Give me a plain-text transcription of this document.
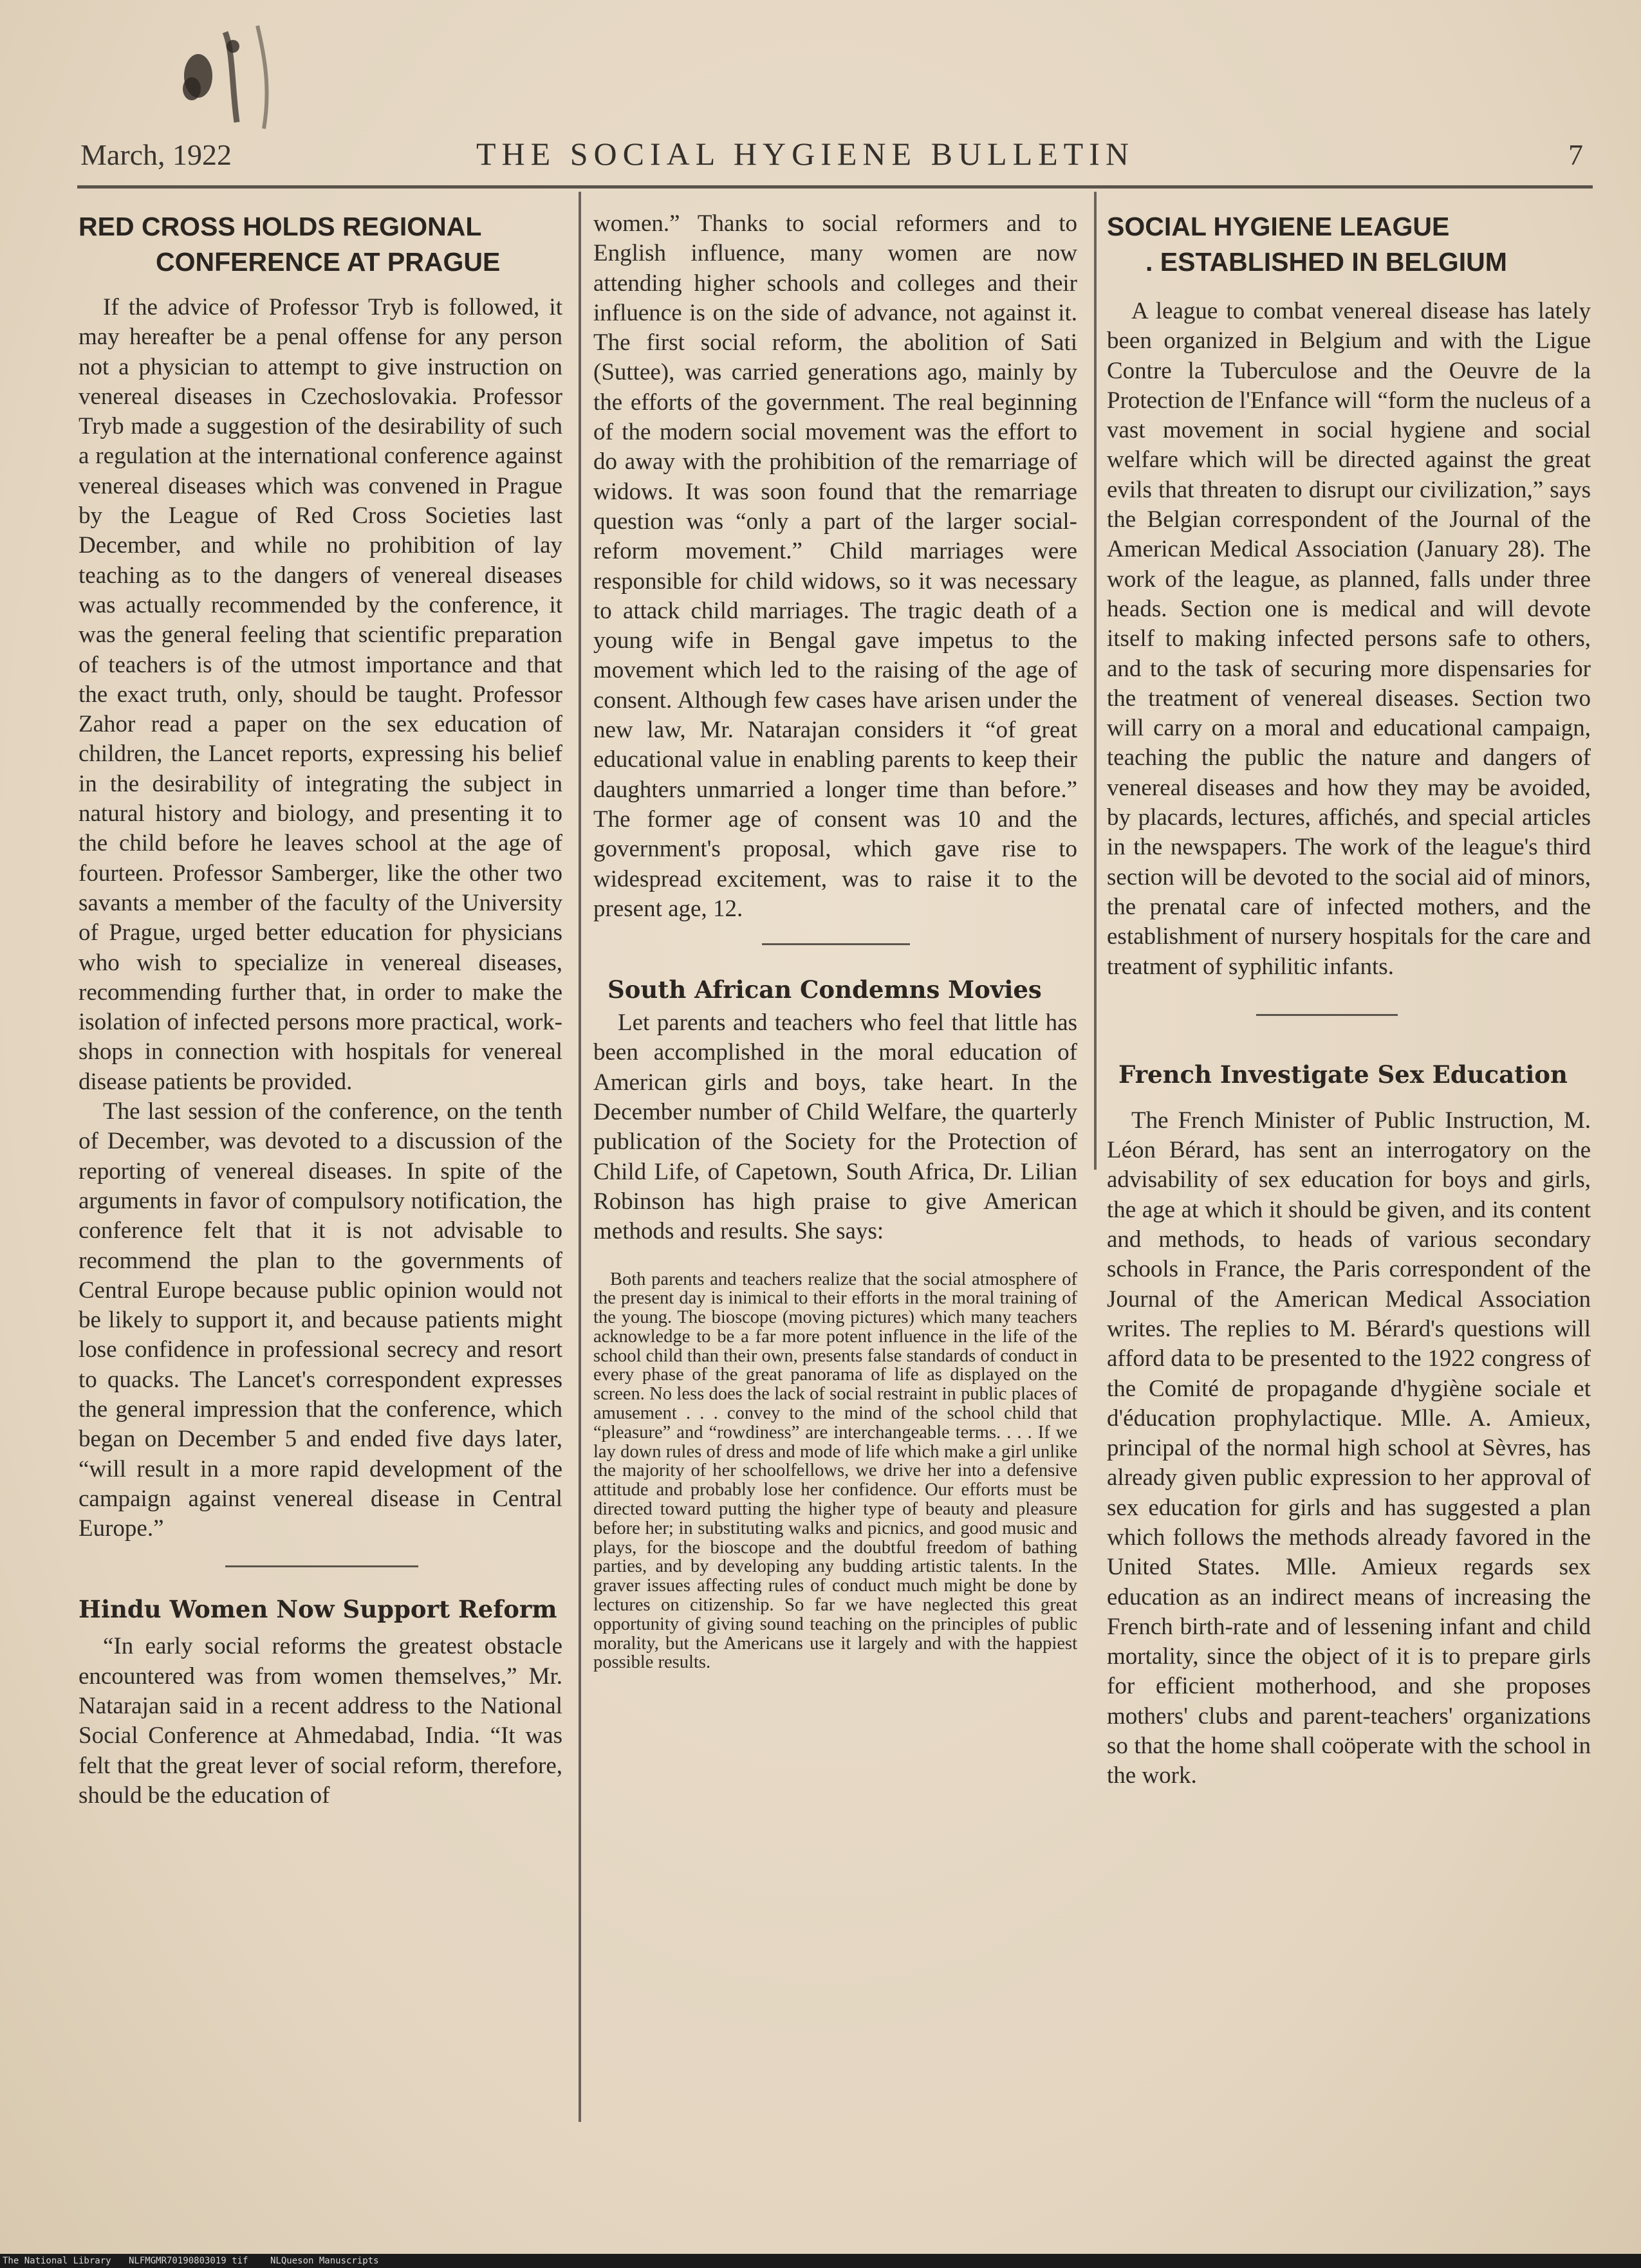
March, 1922	THE SOCIAL HYGIENE BULLETIN	7
RED CROSS HOLDS REGIONAL
CONFERENCE AT PRAGUE

If the advice of Professor Tryb is followed, it may hereafter be a penal offense for any person not a physician to attempt to give instruction on venereal diseases in Czechoslovakia. Professor Tryb made a suggestion of the desirability of such a regulation at the international conference against venereal diseases which was convened in Prague by the League of Red Cross Societies last December, and while no prohibition of lay teaching as to the dangers of venereal diseases was actually recommended by the conference, it was the general feeling that scientific preparation of teachers is of the utmost importance and that the exact truth, only, should be taught. Professor Zahor read a paper on the sex education of children, the Lancet reports, expressing his belief in the desirability of integrating the subject in natural history and biology, and presenting it to the child before he leaves school at the age of fourteen. Professor Samberger, like the other two savants a member of the faculty of the University of Prague, urged better education for physicians who wish to specialize in venereal diseases, recommending further that, in order to make the isolation of infected persons more practical, work-shops in connection with hospitals for venereal disease patients be provided.

The last session of the conference, on the tenth of December, was devoted to a discussion of the reporting of venereal diseases. In spite of the arguments in favor of compulsory notification, the conference felt that it is not advisable to recommend the plan to the governments of Central Europe because public opinion would not be likely to support it, and because patients might lose confidence in professional secrecy and resort to quacks. The Lancet's correspondent expresses the general impression that the conference, which began on December 5 and ended five days later, “will result in a more rapid development of the campaign against venereal disease in Central Europe.”

Hindu Women Now Support Reform

“In early social reforms the greatest obstacle encountered was from women themselves,” Mr. Natarajan said in a recent address to the National Social Conference at Ahmedabad, India. “It was felt that the great lever of social reform, therefore, should be the education of

women.” Thanks to social reformers and to English influence, many women are now attending higher schools and colleges and their influence is on the side of advance, not against it. The first social reform, the abolition of Sati (Suttee), was carried generations ago, mainly by the efforts of the government. The real beginning of the modern social movement was the effort to do away with the prohibition of the remarriage of widows. It was soon found that the remarriage question was “only a part of the larger social-reform movement.” Child marriages were responsible for child widows, so it was necessary to attack child marriages. The tragic death of a young wife in Bengal gave impetus to the movement which led to the raising of the age of consent. Although few cases have arisen under the new law, Mr. Natarajan considers it “of great educational value in enabling parents to keep their daughters unmarried a longer time than before.” The former age of consent was 10 and the government's proposal, which gave rise to widespread excitement, was to raise it to the present age, 12.

South African Condemns Movies

Let parents and teachers who feel that little has been accomplished in the moral education of American girls and boys, take heart. In the December number of Child Welfare, the quarterly publication of the Society for the Protection of Child Life, of Capetown, South Africa, Dr. Lilian Robinson has high praise to give American methods and results. She says:

Both parents and teachers realize that the social atmosphere of the present day is inimical to their efforts in the moral training of the young. The bioscope (moving pictures) which many teachers acknowledge to be a far more potent influence in the life of the school child than their own, presents false standards of conduct in every phase of the great panorama of life as displayed on the screen. No less does the lack of social restraint in public places of amusement . . . convey to the mind of the school child that “pleasure” and “rowdiness” are interchangeable terms. . . . If we lay down rules of dress and mode of life which make a girl unlike the majority of her schoolfellows, we drive her into a defensive attitude and probably lose her confidence. Our efforts must be directed toward putting the higher type of beauty and pleasure before her; in substituting walks and picnics, and good music and plays, for the bioscope and the doubtful freedom of bathing parties, and by developing any budding artistic talents. In the graver issues affecting rules of conduct much might be done by lectures on citizenship. So far we have neglected this great opportunity of giving sound teaching on the principles of public morality, but the Americans use it largely and with the happiest possible results.

SOCIAL HYGIENE LEAGUE
. ESTABLISHED IN BELGIUM

A league to combat venereal disease has lately been organized in Belgium and with the Ligue Contre la Tuberculose and the Oeuvre de la Protection de l'Enfance will “form the nucleus of a vast movement in social hygiene and social welfare which will be directed against the great evils that threaten to disrupt our civilization,” says the Belgian correspondent of the Journal of the American Medical Association (January 28). The work of the league, as planned, falls under three heads. Section one is medical and will devote itself to making infected persons safe to others, and to the task of securing more dispensaries for the treatment of venereal diseases. Section two will carry on a moral and educational campaign, teaching the public the nature and dangers of venereal diseases and how they may be avoided, by placards, lectures, affichés, and special articles in the newspapers. The work of the league's third section will be devoted to the social aid of minors, the prenatal care of infected mothers, and the establishment of nursery hospitals for the care and treatment of syphilitic infants.

French Investigate Sex Education

The French Minister of Public Instruction, M. Léon Bérard, has sent an interrogatory on the advisability of sex education for boys and girls, the age at which it should be given, and its content and methods, to heads of various secondary schools in France, the Paris correspondent of the Journal of the American Medical Association writes. The replies to M. Bérard's questions will afford data to be presented to the 1922 congress of the Comité de propagande d'hygiène sociale et d'éducation prophylactique. Mlle. A. Amieux, principal of the normal high school at Sèvres, has already given public expression to her approval of sex education for girls and has suggested a plan which follows the methods already favored in the United States. Mlle. Amieux regards sex education as an indirect means of increasing the French birth-rate and of lessening infant and child mortality, since the object of it is to prepare girls for efficient motherhood, and she proposes mothers' clubs and parent-teachers' organizations so that the home shall coöperate with the school in the work.

The National Library NLFMGMR70190803019 tif NLQueson Manuscripts
